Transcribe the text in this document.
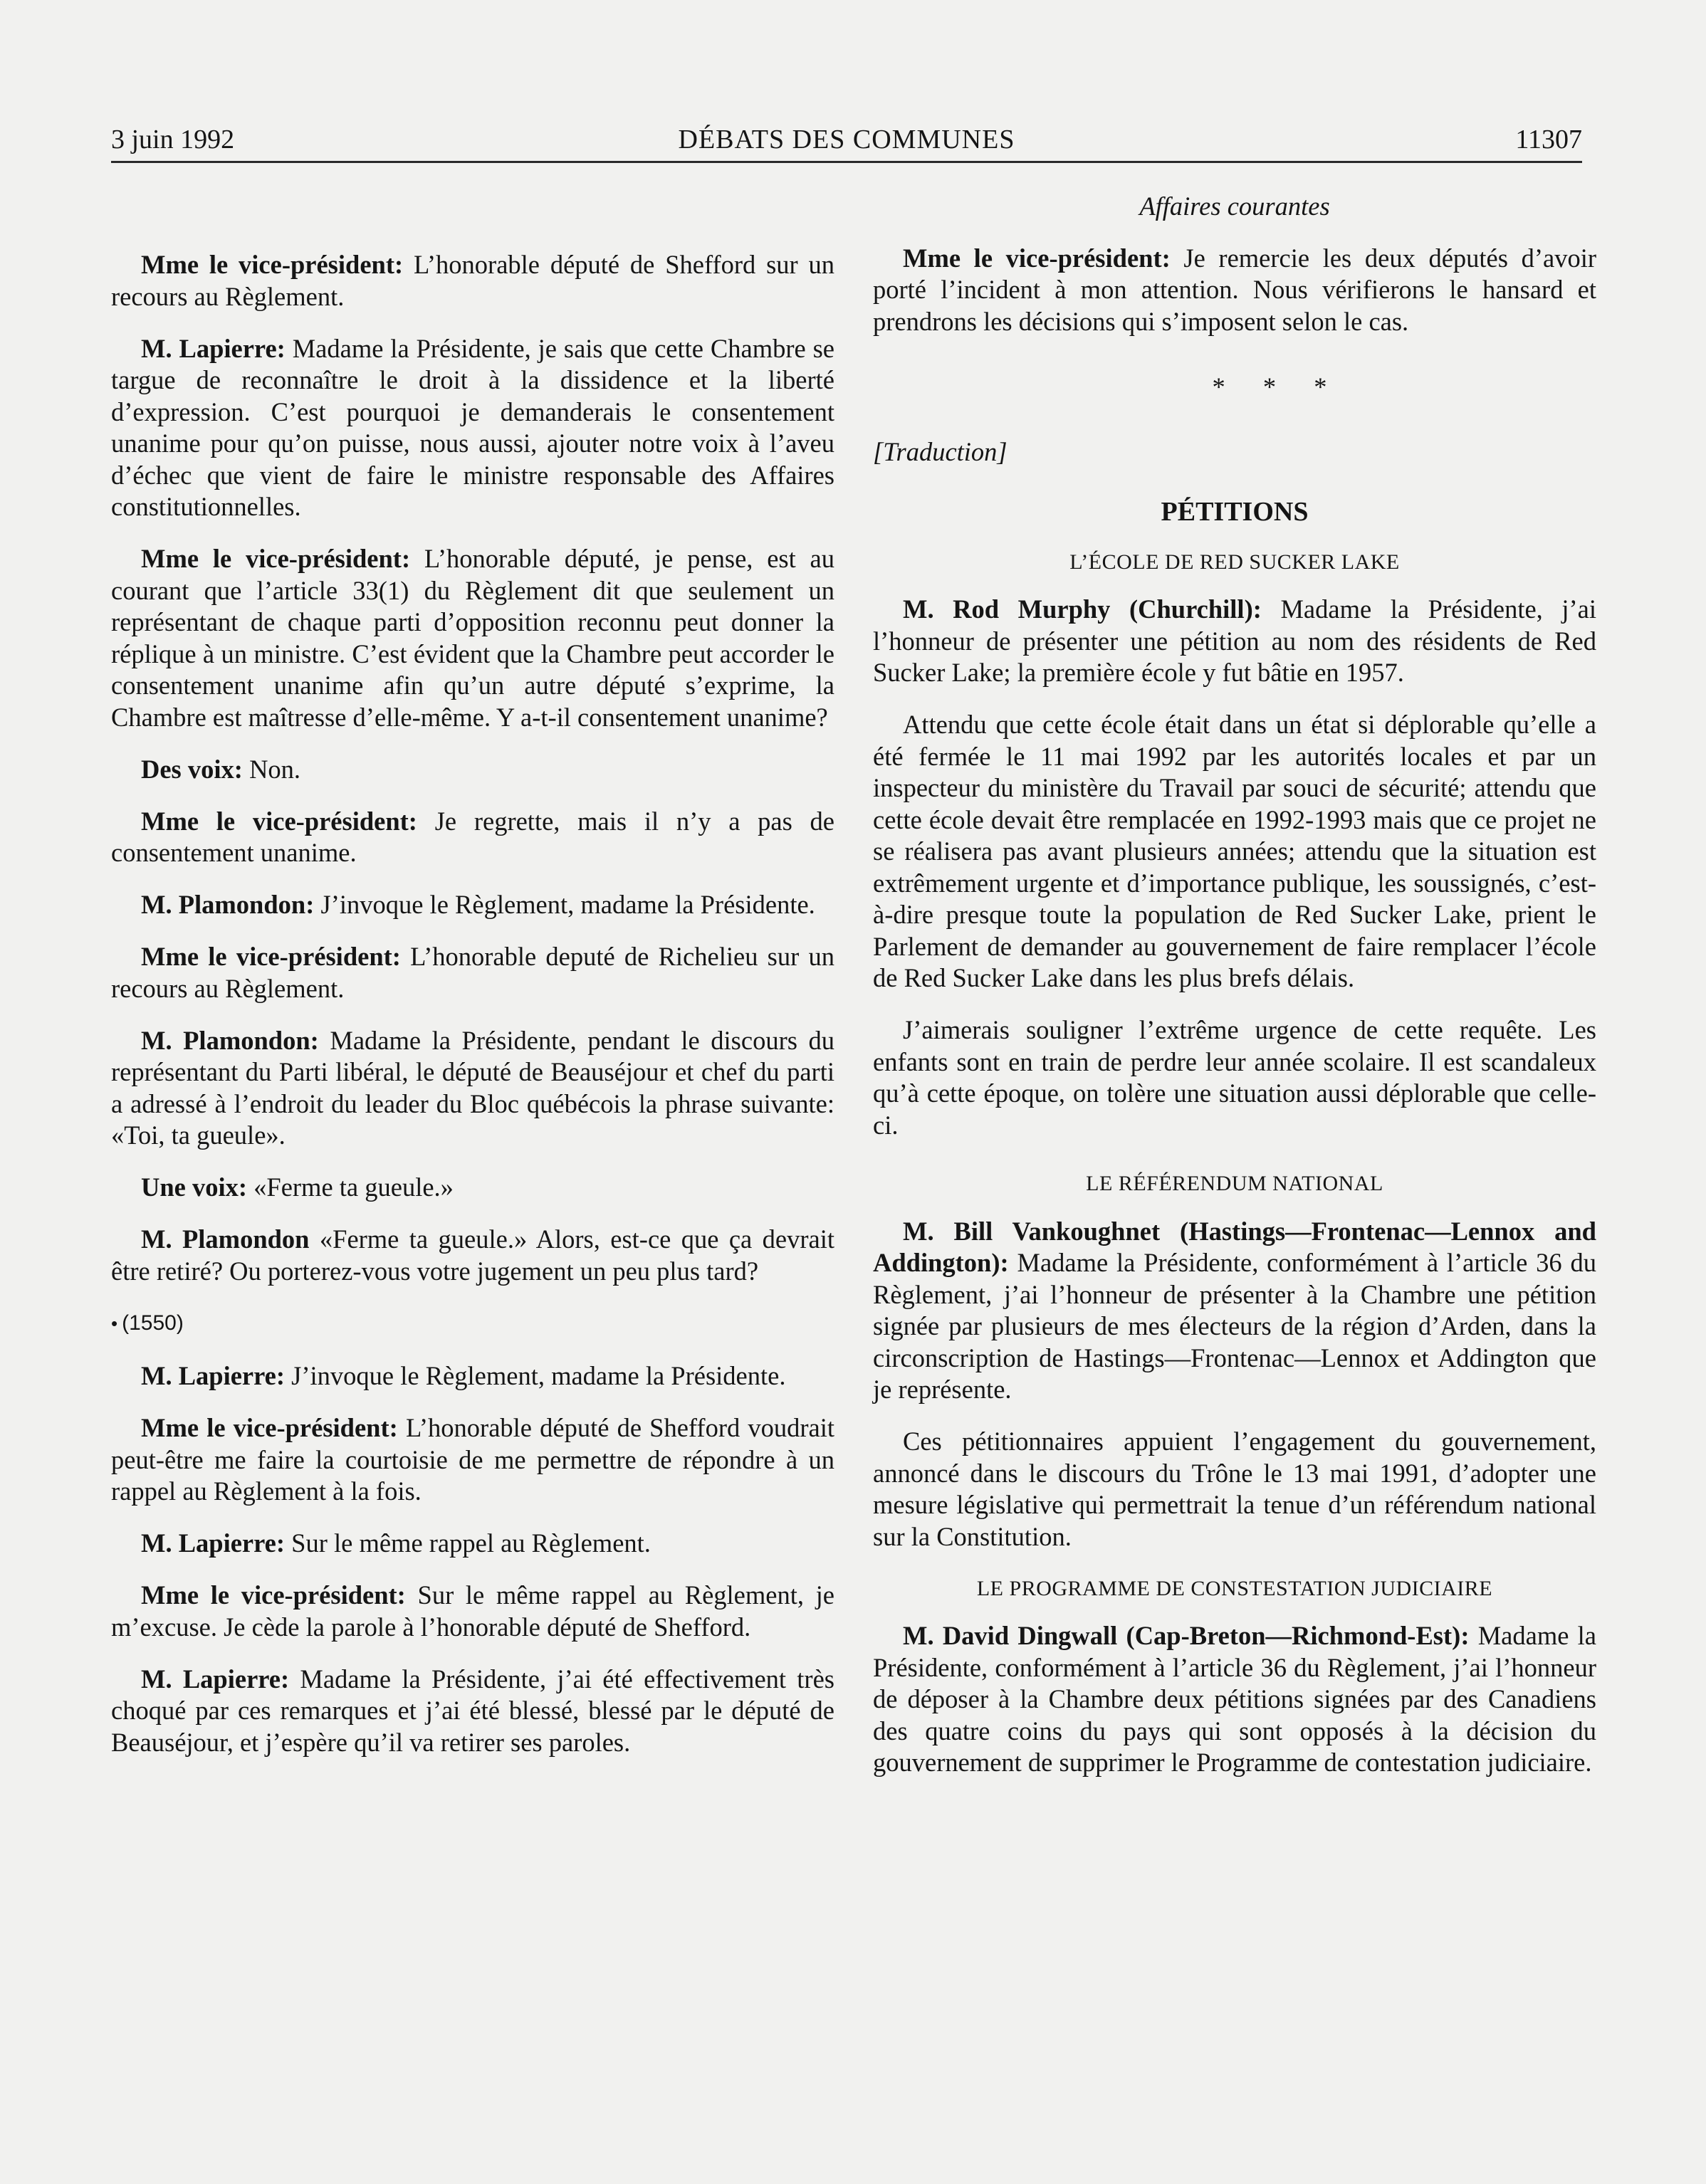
3 juin 1992	DÉBATS DES COMMUNES	11307

Mme le vice-président: L’honorable député de Shefford sur un recours au Règlement.

M. Lapierre: Madame la Présidente, je sais que cette Chambre se targue de reconnaître le droit à la dissidence et la liberté d’expression. C’est pourquoi je demanderais le consentement unanime pour qu’on puisse, nous aussi, ajouter notre voix à l’aveu d’échec que vient de faire le ministre responsable des Affaires constitutionnelles.

Mme le vice-président: L’honorable député, je pense, est au courant que l’article 33(1) du Règlement dit que seulement un représentant de chaque parti d’opposition reconnu peut donner la réplique à un ministre. C’est évident que la Chambre peut accorder le consentement unanime afin qu’un autre député s’exprime, la Chambre est maîtresse d’elle-même. Y a-t-il consentement unanime?

Des voix: Non.

Mme le vice-président: Je regrette, mais il n’y a pas de consentement unanime.

M. Plamondon: J’invoque le Règlement, madame la Présidente.

Mme le vice-président: L’honorable deputé de Richelieu sur un recours au Règlement.

M. Plamondon: Madame la Présidente, pendant le discours du représentant du Parti libéral, le député de Beauséjour et chef du parti a adressé à l’endroit du leader du Bloc québécois la phrase suivante: «Toi, ta gueule».

Une voix: «Ferme ta gueule.»

M. Plamondon «Ferme ta gueule.» Alors, est-ce que ça devrait être retiré? Ou porterez-vous votre jugement un peu plus tard?

• (1550)

M. Lapierre: J’invoque le Règlement, madame la Présidente.

Mme le vice-président: L’honorable député de Shefford voudrait peut-être me faire la courtoisie de me permettre de répondre à un rappel au Règlement à la fois.

M. Lapierre: Sur le même rappel au Règlement.

Mme le vice-président: Sur le même rappel au Règlement, je m’excuse. Je cède la parole à l’honorable député de Shefford.

M. Lapierre: Madame la Présidente, j’ai été effectivement très choqué par ces remarques et j’ai été blessé, blessé par le député de Beauséjour, et j’espère qu’il va retirer ses paroles.

Affaires courantes

Mme le vice-président: Je remercie les deux députés d’avoir porté l’incident à mon attention. Nous vérifierons le hansard et prendrons les décisions qui s’imposent selon le cas.

* * *
[Traduction]
PÉTITIONS
L’ÉCOLE DE RED SUCKER LAKE

M. Rod Murphy (Churchill): Madame la Présidente, j’ai l’honneur de présenter une pétition au nom des résidents de Red Sucker Lake; la première école y fut bâtie en 1957.

Attendu que cette école était dans un état si déplorable qu’elle a été fermée le 11 mai 1992 par les autorités locales et par un inspecteur du ministère du Travail par souci de sécurité; attendu que cette école devait être remplacée en 1992-1993 mais que ce projet ne se réalisera pas avant plusieurs années; attendu que la situation est extrêmement urgente et d’importance publique, les soussignés, c’est-à-dire presque toute la population de Red Sucker Lake, prient le Parlement de demander au gouvernement de faire remplacer l’école de Red Sucker Lake dans les plus brefs délais.

J’aimerais souligner l’extrême urgence de cette requête. Les enfants sont en train de perdre leur année scolaire. Il est scandaleux qu’à cette époque, on tolère une situation aussi déplorable que celle-ci.

LE RÉFÉRENDUM NATIONAL

M. Bill Vankoughnet (Hastings—Frontenac—Lennox and Addington): Madame la Présidente, conformément à l’article 36 du Règlement, j’ai l’honneur de présenter à la Chambre une pétition signée par plusieurs de mes électeurs de la région d’Arden, dans la circonscription de Hastings—Frontenac—Lennox et Addington que je représente.

Ces pétitionnaires appuient l’engagement du gouvernement, annoncé dans le discours du Trône le 13 mai 1991, d’adopter une mesure législative qui permettrait la tenue d’un référendum national sur la Constitution.

LE PROGRAMME DE CONSTESTATION JUDICIAIRE

M. David Dingwall (Cap-Breton—Richmond-Est): Madame la Présidente, conformément à l’article 36 du Règlement, j’ai l’honneur de déposer à la Chambre deux pétitions signées par des Canadiens des quatre coins du pays qui sont opposés à la décision du gouvernement de supprimer le Programme de contestation judiciaire.
